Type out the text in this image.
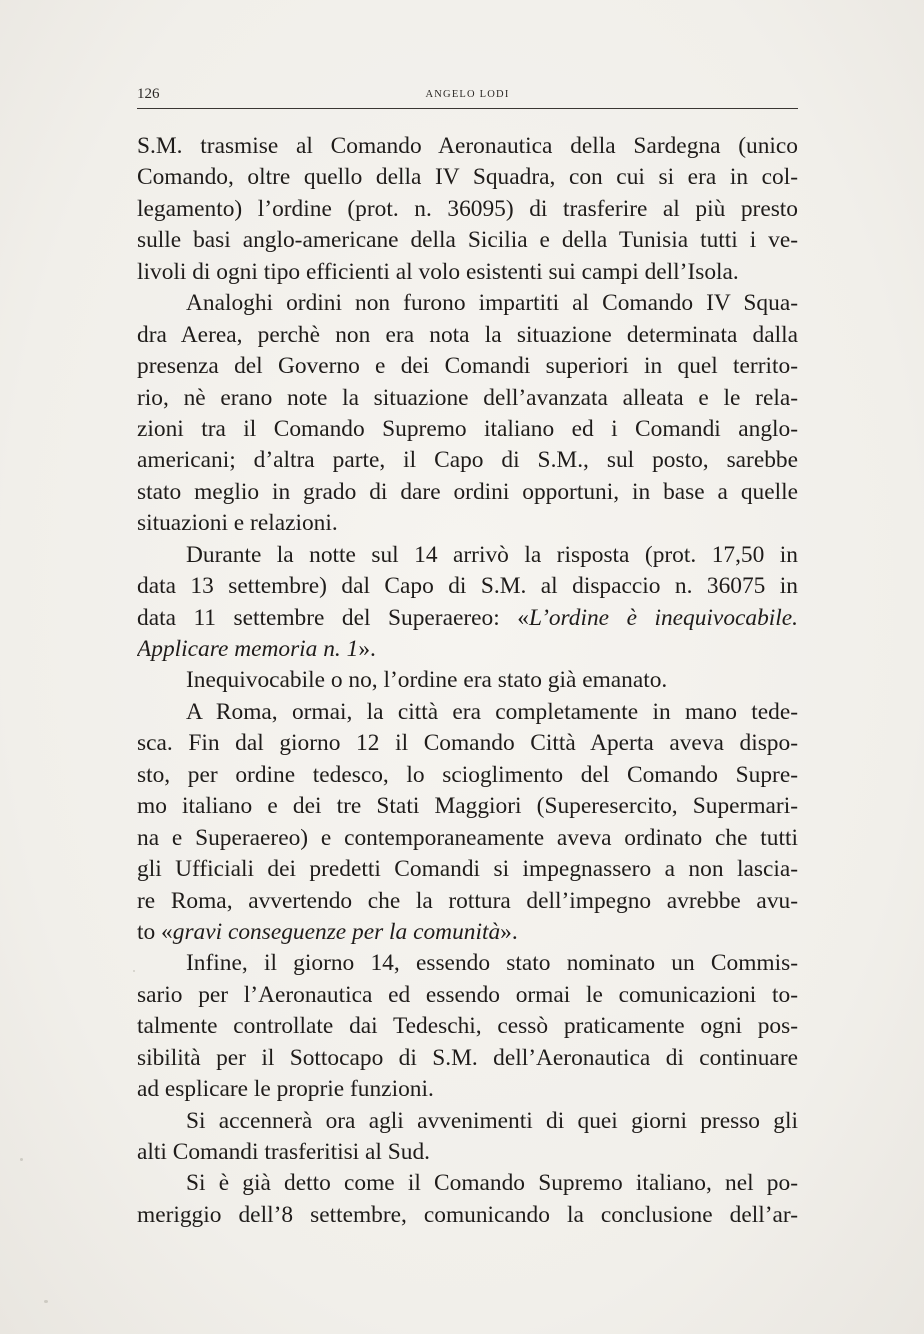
126	ANGELO LODI
S.M. trasmise al Comando Aeronautica della Sardegna (unico
Comando, oltre quello della IV Squadra, con cui si era in col-
legamento) l’ordine (prot. n. 36095) di trasferire al più presto
sulle basi anglo-americane della Sicilia e della Tunisia tutti i ve-
livoli di ogni tipo efficienti al volo esistenti sui campi dell’Isola.
Analoghi ordini non furono impartiti al Comando IV Squa-
dra Aerea, perchè non era nota la situazione determinata dalla
presenza del Governo e dei Comandi superiori in quel territo-
rio, nè erano note la situazione dell’avanzata alleata e le rela-
zioni tra il Comando Supremo italiano ed i Comandi anglo-
americani; d’altra parte, il Capo di S.M., sul posto, sarebbe
stato meglio in grado di dare ordini opportuni, in base a quelle
situazioni e relazioni.
Durante la notte sul 14 arrivò la risposta (prot. 17,50 in
data 13 settembre) dal Capo di S.M. al dispaccio n. 36075 in
data 11 settembre del Superaereo: «L’ordine è inequivocabile.
Applicare memoria n. 1».
Inequivocabile o no, l’ordine era stato già emanato.
A Roma, ormai, la città era completamente in mano tede-
sca. Fin dal giorno 12 il Comando Città Aperta aveva dispo-
sto, per ordine tedesco, lo scioglimento del Comando Supre-
mo italiano e dei tre Stati Maggiori (Superesercito, Supermari-
na e Superaereo) e contemporaneamente aveva ordinato che tutti
gli Ufficiali dei predetti Comandi si impegnassero a non lascia-
re Roma, avvertendo che la rottura dell’impegno avrebbe avu-
to «gravi conseguenze per la comunità».
Infine, il giorno 14, essendo stato nominato un Commis-
sario per l’Aeronautica ed essendo ormai le comunicazioni to-
talmente controllate dai Tedeschi, cessò praticamente ogni pos-
sibilità per il Sottocapo di S.M. dell’Aeronautica di continuare
ad esplicare le proprie funzioni.
Si accennerà ora agli avvenimenti di quei giorni presso gli
alti Comandi trasferitisi al Sud.
Si è già detto come il Comando Supremo italiano, nel po-
meriggio dell’8 settembre, comunicando la conclusione dell’ar-
